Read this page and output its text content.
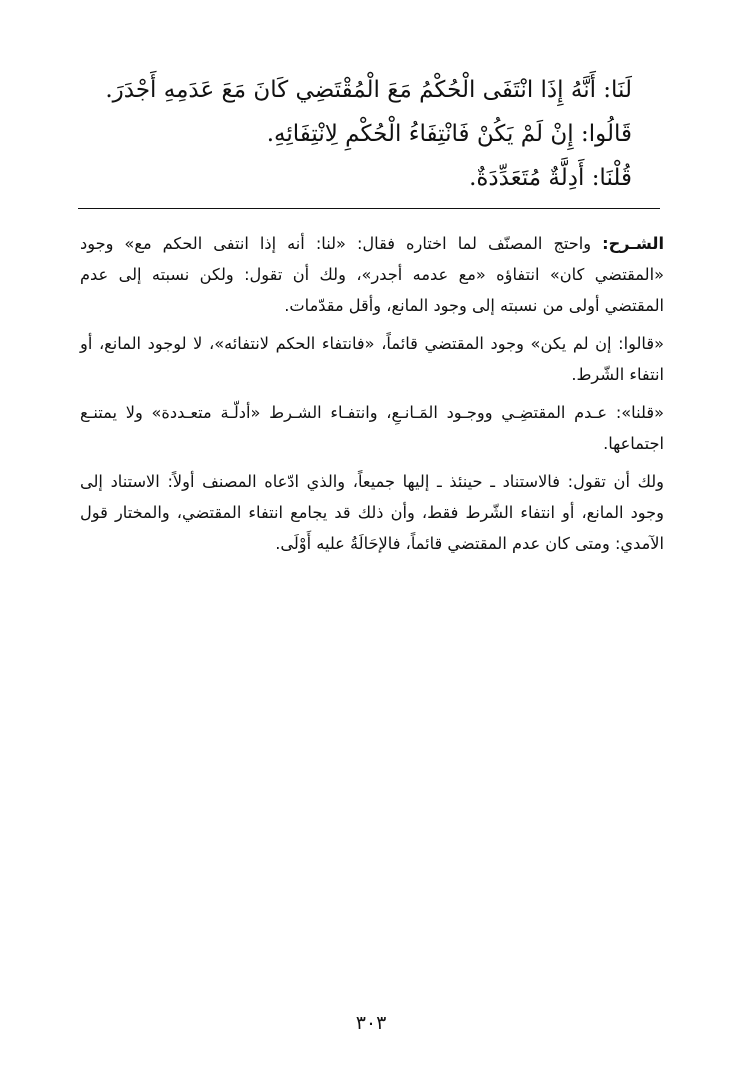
لَنَا: أَنَّهُ إِذَا انْتَفَى الْحُكْمُ مَعَ الْمُقْتَضِي كَانَ مَعَ عَدَمِهِ أَجْدَرَ.
قَالُوا: إِنْ لَمْ يَكُنْ فَانْتِفَاءُ الْحُكْمِ لِانْتِفَائِهِ.
قُلْنَا: أَدِلَّةٌ مُتَعَدِّدَةٌ.

الشـرح: واحتج المصنّف لما اختاره فقال: «لنا: أنه إذا انتفى الحكم مع» وجود «المقتضي كان» انتفاؤه «مع عدمه أجدر»، ولك أن تقول: ولكن نسبته إلى عدم المقتضي أولى من نسبته إلى وجود المانع، وأقل مقدّمات.

«قالوا: إن لم يكن» وجود المقتضي قائماً، «فانتفاء الحكم لانتفائه»، لا لوجود المانع، أو انتفاء الشّرط.

«قلنا»: عـدم المقتضِـي ووجـود المَـانـعِ، وانتفـاء الشـرط «أدلّـة متعـددة» ولا يمتنـع اجتماعها.

ولك أن تقول: فالاستناد ـ حينئذ ـ إليها جميعاً، والذي ادّعاه المصنف أولاً: الاستناد إلى وجود المانع، أو انتفاء الشّرط فقط، وأن ذلك قد يجامع انتفاء المقتضي، والمختار قول الآمدي: ومتى كان عدم المقتضي قائماً، فالإحَالَةُ عليه أَوْلَى.

٣٠٣
